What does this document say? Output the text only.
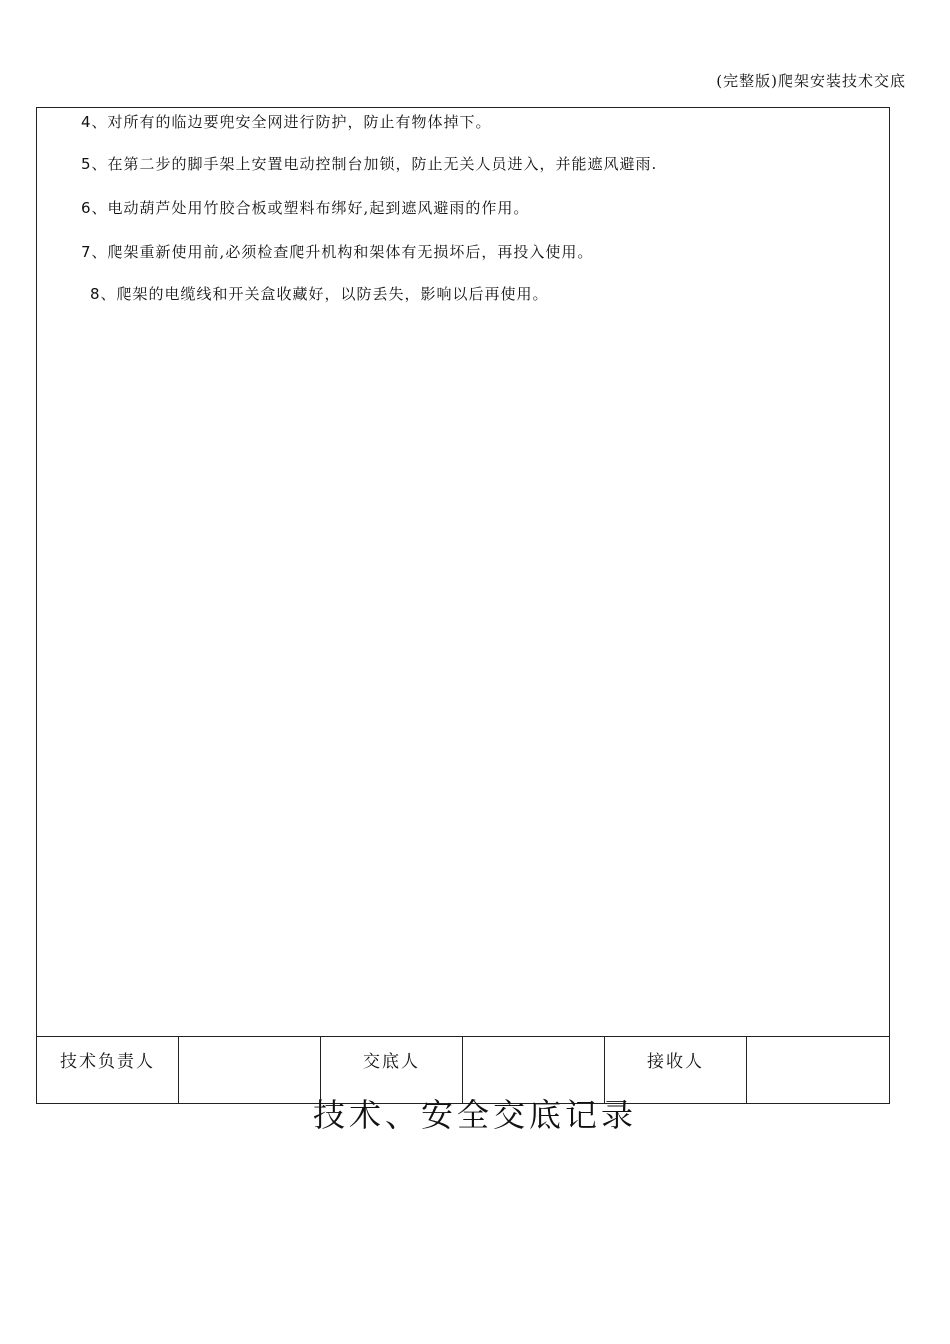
(完整版)爬架安装技术交底
4、对所有的临边要兜安全网进行防护，防止有物体掉下。
5、在第二步的脚手架上安置电动控制台加锁，防止无关人员进入，并能遮风避雨.
6、电动葫芦处用竹胶合板或塑料布绑好,起到遮风避雨的作用。
7、爬架重新使用前,必须检查爬升机构和架体有无损坏后，再投入使用。
8、爬架的电缆线和开关盒收藏好，以防丢失，影响以后再使用。
技术负责人	交底人	接收人
技术、安全交底记录
